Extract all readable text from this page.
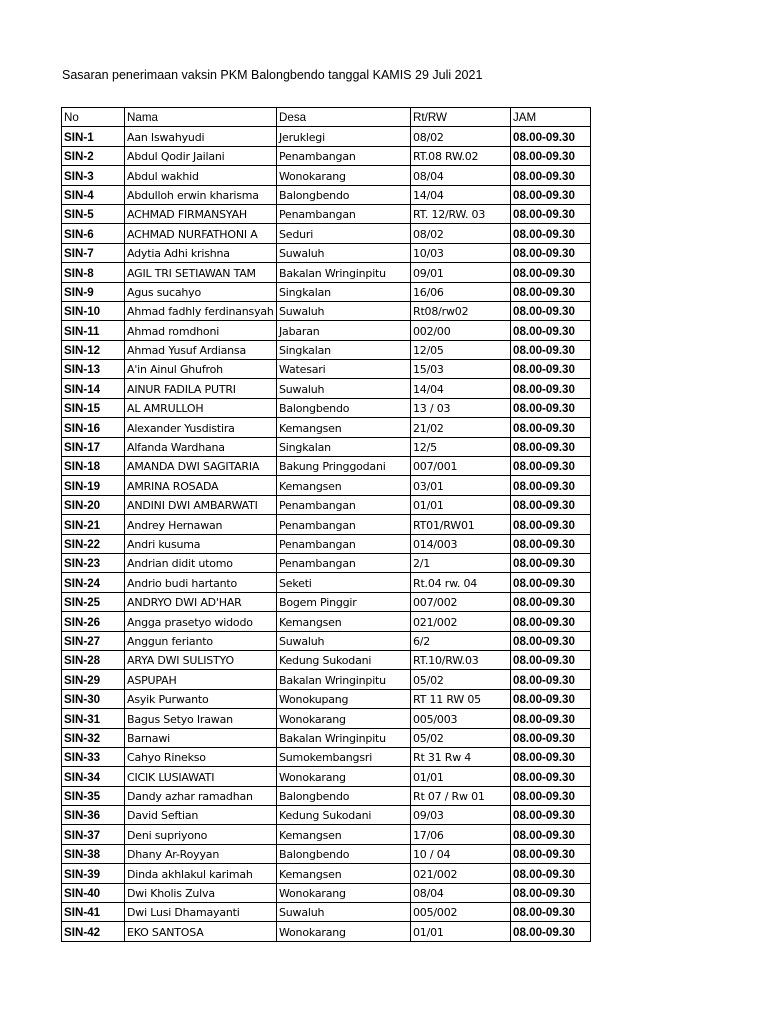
Sasaran penerimaan vaksin PKM Balongbendo tanggal KAMIS 29 Juli 2021
No	Nama	Desa	Rt/RW	JAM
SIN-1	Aan Iswahyudi	Jeruklegi	08/02	08.00-09.30
SIN-2	Abdul Qodir Jailani	Penambangan	RT.08 RW.02	08.00-09.30
SIN-3	Abdul wakhid	Wonokarang	08/04	08.00-09.30
SIN-4	Abdulloh erwin kharisma	Balongbendo	14/04	08.00-09.30
SIN-5	ACHMAD FIRMANSYAH	Penambangan	RT. 12/RW. 03	08.00-09.30
SIN-6	ACHMAD NURFATHONI A	Seduri	08/02	08.00-09.30
SIN-7	Adytia Adhi krishna	Suwaluh	10/03	08.00-09.30
SIN-8	AGIL TRI SETIAWAN TAM	Bakalan Wringinpitu	09/01	08.00-09.30
SIN-9	Agus sucahyo	Singkalan	16/06	08.00-09.30
SIN-10	Ahmad fadhly ferdinansyah	Suwaluh	Rt08/rw02	08.00-09.30
SIN-11	Ahmad romdhoni	Jabaran	002/00	08.00-09.30
SIN-12	Ahmad Yusuf Ardiansa	Singkalan	12/05	08.00-09.30
SIN-13	A'in Ainul Ghufroh	Watesari	15/03	08.00-09.30
SIN-14	AINUR FADILA PUTRI	Suwaluh	14/04	08.00-09.30
SIN-15	AL AMRULLOH	Balongbendo	13 / 03	08.00-09.30
SIN-16	Alexander Yusdistira	Kemangsen	21/02	08.00-09.30
SIN-17	Alfanda Wardhana	Singkalan	12/5	08.00-09.30
SIN-18	AMANDA DWI SAGITARIA	Bakung Pringgodani	007/001	08.00-09.30
SIN-19	AMRINA ROSADA	Kemangsen	03/01	08.00-09.30
SIN-20	ANDINI DWI AMBARWATI	Penambangan	01/01	08.00-09.30
SIN-21	Andrey Hernawan	Penambangan	RT01/RW01	08.00-09.30
SIN-22	Andri kusuma	Penambangan	014/003	08.00-09.30
SIN-23	Andrian didit utomo	Penambangan	2/1	08.00-09.30
SIN-24	Andrio budi hartanto	Seketi	Rt.04 rw. 04	08.00-09.30
SIN-25	ANDRYO DWI AD'HAR	Bogem Pinggir	007/002	08.00-09.30
SIN-26	Angga prasetyo widodo	Kemangsen	021/002	08.00-09.30
SIN-27	Anggun ferianto	Suwaluh	6/2	08.00-09.30
SIN-28	ARYA DWI SULISTYO	Kedung Sukodani	RT.10/RW.03	08.00-09.30
SIN-29	ASPUPAH	Bakalan Wringinpitu	05/02	08.00-09.30
SIN-30	Asyik Purwanto	Wonokupang	RT 11 RW 05	08.00-09.30
SIN-31	Bagus Setyo Irawan	Wonokarang	005/003	08.00-09.30
SIN-32	Barnawi	Bakalan Wringinpitu	05/02	08.00-09.30
SIN-33	Cahyo Rinekso	Sumokembangsri	Rt 31 Rw 4	08.00-09.30
SIN-34	CICIK LUSIAWATI	Wonokarang	01/01	08.00-09.30
SIN-35	Dandy azhar ramadhan	Balongbendo	Rt 07 / Rw 01	08.00-09.30
SIN-36	David Seftian	Kedung Sukodani	09/03	08.00-09.30
SIN-37	Deni supriyono	Kemangsen	17/06	08.00-09.30
SIN-38	Dhany Ar-Royyan	Balongbendo	10 / 04	08.00-09.30
SIN-39	Dinda akhlakul karimah	Kemangsen	021/002	08.00-09.30
SIN-40	Dwi Kholis Zulva	Wonokarang	08/04	08.00-09.30
SIN-41	Dwi Lusi Dhamayanti	Suwaluh	005/002	08.00-09.30
SIN-42	EKO SANTOSA	Wonokarang	01/01	08.00-09.30
